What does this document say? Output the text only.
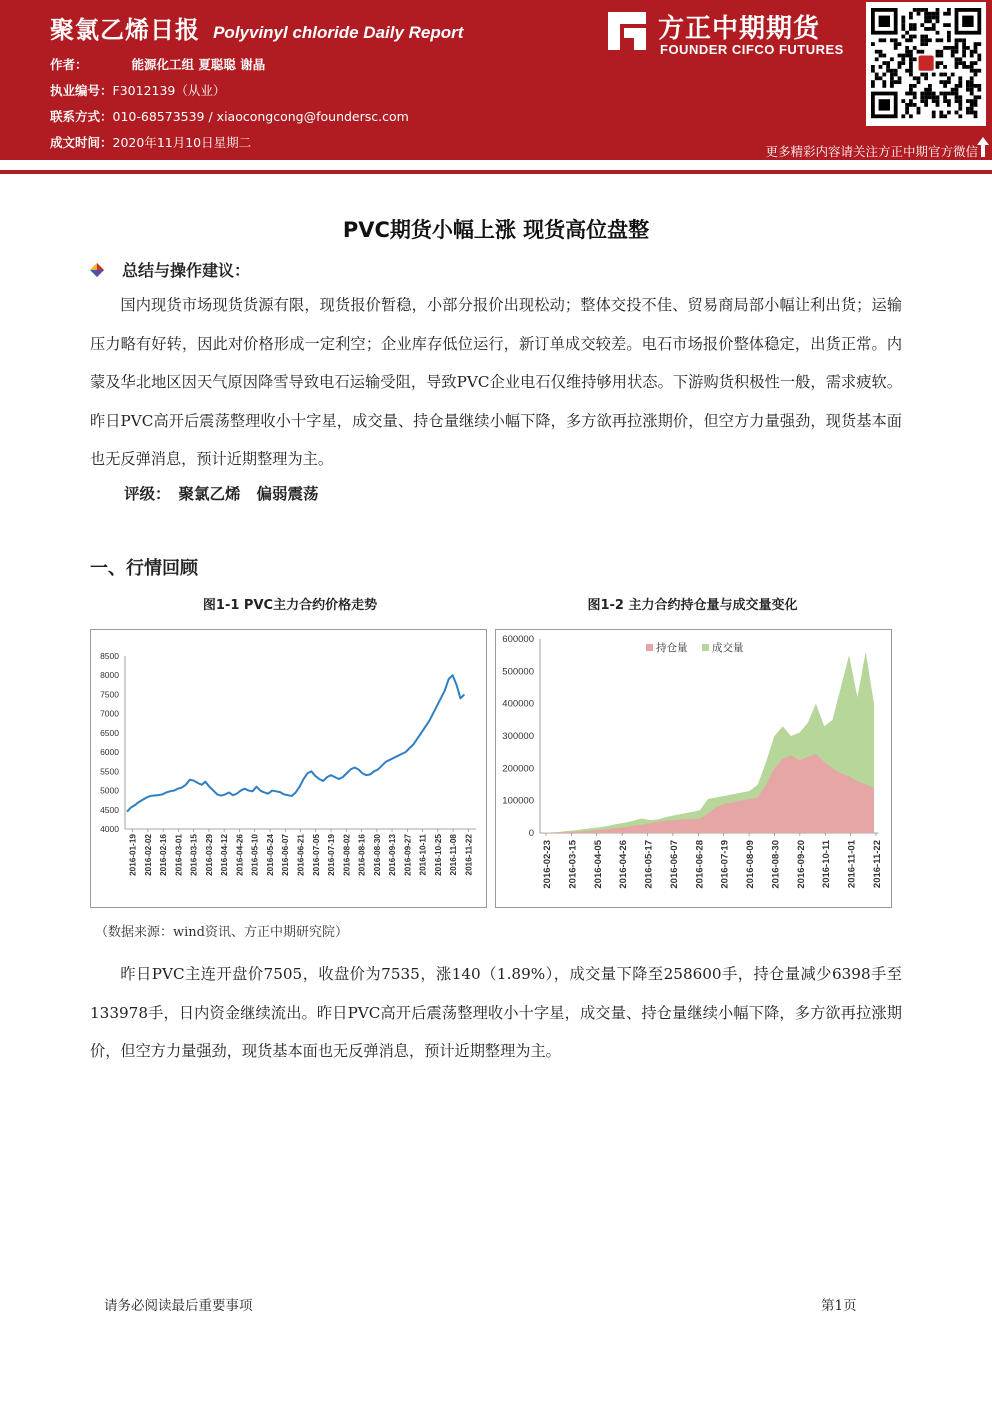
聚氯乙烯日报 Polyvinyl chloride Daily Report
作者：	能源化工组 夏聪聪 谢晶
执业编号：F3012139（从业）
联系方式：010-68573539 / xiaocongcong@foundersc.com
成文时间：2020年11月10日星期二
方正中期期货
FOUNDER CIFCO FUTURES
更多精彩内容请关注方正中期官方微信
PVC期货小幅上涨 现货高位盘整
总结与操作建议：
国内现货市场现货货源有限，现货报价暂稳，小部分报价出现松动；整体交投不佳、贸易商局部小幅让利出货；运输压力略有好转，因此对价格形成一定利空；企业库存低位运行，新订单成交较差。电石市场报价整体稳定，出货正常。内蒙及华北地区因天气原因降雪导致电石运输受阻，导致PVC企业电石仅维持够用状态。下游购货积极性一般，需求疲软。昨日PVC高开后震荡整理收小十字星，成交量、持仓量继续小幅下降，多方欲再拉涨期价，但空方力量强劲，现货基本面也无反弹消息，预计近期整理为主。
评级： 聚氯乙烯 偏弱震荡
一、行情回顾
图1-1 PVC主力合约价格走势	图1-2 主力合约持仓量与成交量变化
4000
4500
5000
5500
6000
6500
7000
7500
8000
8500
2016-01-19 2016-02-02 2016-02-16 2016-03-01 2016-03-15 2016-03-29 2016-04-12 2016-04-26 2016-05-10 2016-05-24 2016-06-07 2016-06-21 2016-07-05 2016-07-19 2016-08-02 2016-08-16 2016-08-30 2016-09-13 2016-09-27 2016-10-11 2016-10-25 2016-11-08 2016-11-22
0
100000
200000
300000
400000
500000
600000
2016-02-23 2016-03-15 2016-04-05 2016-04-26 2016-05-17 2016-06-07 2016-06-28 2016-07-19 2016-08-09 2016-08-30 2016-09-20 2016-10-11 2016-11-01 2016-11-22
持仓量 成交量
（数据来源：wind资讯、方正中期研究院）
昨日PVC主连开盘价7505，收盘价为7535，涨140（1.89%），成交量下降至258600手，持仓量减少6398手至133978手，日内资金继续流出。昨日PVC高开后震荡整理收小十字星，成交量、持仓量继续小幅下降，多方欲再拉涨期价，但空方力量强劲，现货基本面也无反弹消息，预计近期整理为主。
请务必阅读最后重要事项	第1页
